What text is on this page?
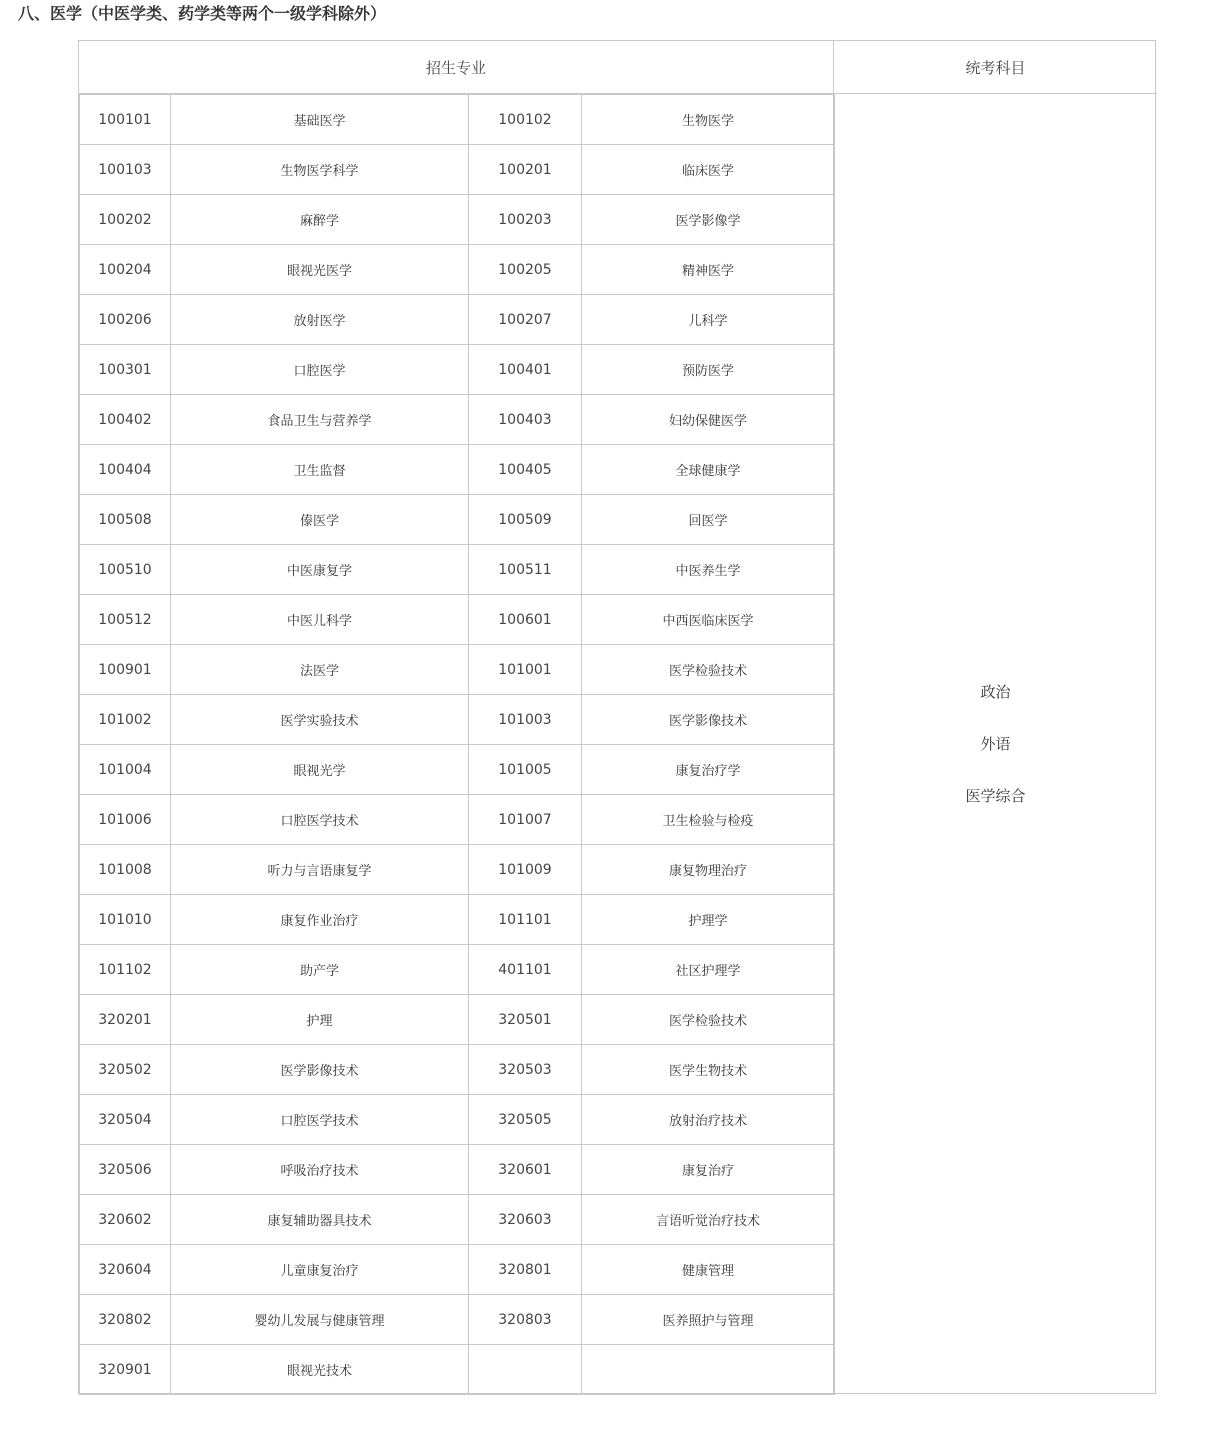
八、医学（中医学类、药学类等两个一级学科除外）
招生专业	统考科目
100101	基础医学	100102	生物医学
100103	生物医学科学	100201	临床医学
100202	麻醉学	100203	医学影像学
100204	眼视光医学	100205	精神医学
100206	放射医学	100207	儿科学
100301	口腔医学	100401	预防医学
100402	食品卫生与营养学	100403	妇幼保健医学
100404	卫生监督	100405	全球健康学
100508	傣医学	100509	回医学
100510	中医康复学	100511	中医养生学
100512	中医儿科学	100601	中西医临床医学
100901	法医学	101001	医学检验技术
101002	医学实验技术	101003	医学影像技术
101004	眼视光学	101005	康复治疗学
101006	口腔医学技术	101007	卫生检验与检疫
101008	听力与言语康复学	101009	康复物理治疗
101010	康复作业治疗	101101	护理学
101102	助产学	401101	社区护理学
320201	护理	320501	医学检验技术
320502	医学影像技术	320503	医学生物技术
320504	口腔医学技术	320505	放射治疗技术
320506	呼吸治疗技术	320601	康复治疗
320602	康复辅助器具技术	320603	言语听觉治疗技术
320604	儿童康复治疗	320801	健康管理
320802	婴幼儿发展与健康管理	320803	医养照护与管理
320901	眼视光技术		
政治
外语
医学综合
